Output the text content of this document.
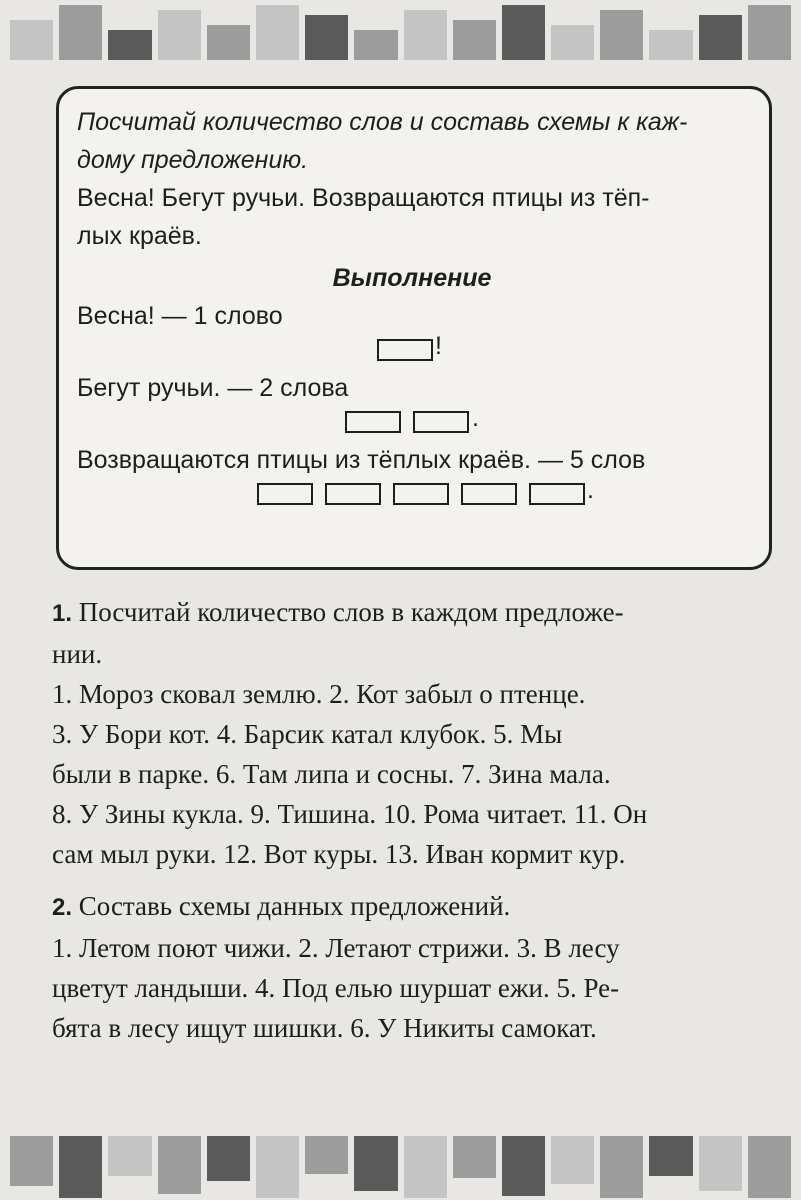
Посчитай количество слов и составь схемы к каж-
дому предложению.
Весна! Бегут ручьи. Возвращаются птицы из тёп-
лых краёв.
Выполнение
Весна! — 1 слово
!
Бегут ручьи. — 2 слова
.
Возвращаются птицы из тёплых краёв. — 5 слов
.
1. Посчитай количество слов в каждом предложе-
нии.
1. Мороз сковал землю. 2. Кот забыл о птенце.
3. У Бори кот. 4. Барсик катал клубок. 5. Мы
были в парке. 6. Там липа и сосны. 7. Зина мала.
8. У Зины кукла. 9. Тишина. 10. Рома читает. 11. Он
сам мыл руки. 12. Вот куры. 13. Иван кормит кур.
2. Составь схемы данных предложений.
1. Летом поют чижи. 2. Летают стрижи. 3. В лесу
цветут ландыши. 4. Под елью шуршат ежи. 5. Ре-
бята в лесу ищут шишки. 6. У Никиты самокат.
